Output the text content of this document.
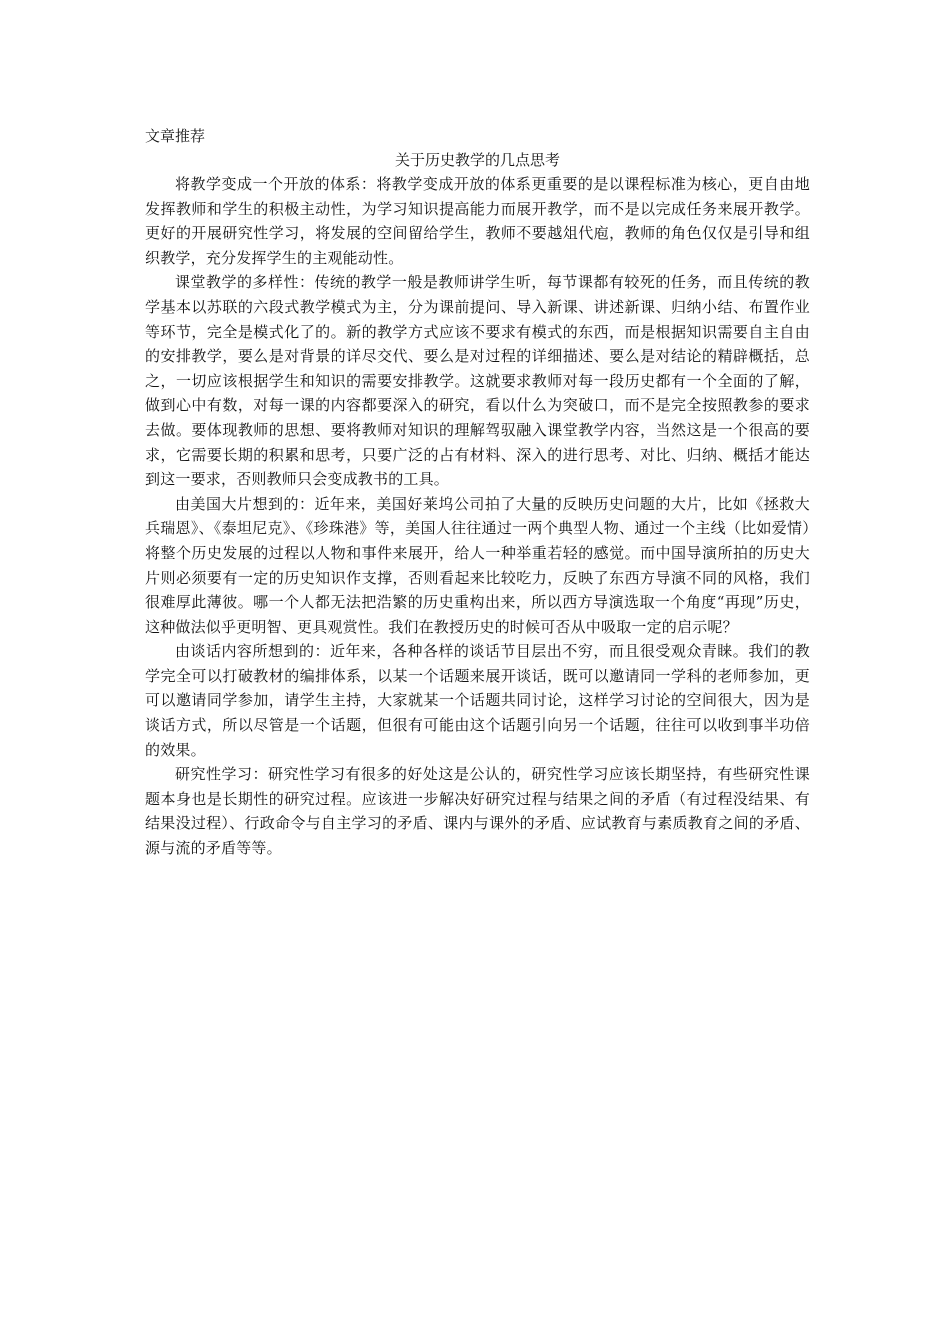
文章推荐

关于历史教学的几点思考

将教学变成一个开放的体系：将教学变成开放的体系更重要的是以课程标准为核心，更自由地发挥教师和学生的积极主动性，为学习知识提高能力而展开教学，而不是以完成任务来展开教学。更好的开展研究性学习，将发展的空间留给学生，教师不要越俎代庖，教师的角色仅仅是引导和组织教学，充分发挥学生的主观能动性。

课堂教学的多样性：传统的教学一般是教师讲学生听，每节课都有较死的任务，而且传统的教学基本以苏联的六段式教学模式为主，分为课前提问、导入新课、讲述新课、归纳小结、布置作业等环节，完全是模式化了的。新的教学方式应该不要求有模式的东西，而是根据知识需要自主自由的安排教学，要么是对背景的详尽交代、要么是对过程的详细描述、要么是对结论的精辟概括，总之，一切应该根据学生和知识的需要安排教学。这就要求教师对每一段历史都有一个全面的了解，做到心中有数，对每一课的内容都要深入的研究，看以什么为突破口，而不是完全按照教参的要求去做。要体现教师的思想、要将教师对知识的理解驾驭融入课堂教学内容，当然这是一个很高的要求，它需要长期的积累和思考，只要广泛的占有材料、深入的进行思考、对比、归纳、概括才能达到这一要求，否则教师只会变成教书的工具。

由美国大片想到的：近年来，美国好莱坞公司拍了大量的反映历史问题的大片，比如《拯救大兵瑞恩》、《泰坦尼克》、《珍珠港》等，美国人往往通过一两个典型人物、通过一个主线（比如爱情）将整个历史发展的过程以人物和事件来展开，给人一种举重若轻的感觉。而中国导演所拍的历史大片则必须要有一定的历史知识作支撑，否则看起来比较吃力，反映了东西方导演不同的风格，我们很难厚此薄彼。哪一个人都无法把浩繁的历史重构出来，所以西方导演选取一个角度“再现”历史，这种做法似乎更明智、更具观赏性。我们在教授历史的时候可否从中吸取一定的启示呢？

由谈话内容所想到的：近年来，各种各样的谈话节目层出不穷，而且很受观众青睐。我们的教学完全可以打破教材的编排体系，以某一个话题来展开谈话，既可以邀请同一学科的老师参加，更可以邀请同学参加，请学生主持，大家就某一个话题共同讨论，这样学习讨论的空间很大，因为是谈话方式，所以尽管是一个话题，但很有可能由这个话题引向另一个话题，往往可以收到事半功倍的效果。

研究性学习：研究性学习有很多的好处这是公认的，研究性学习应该长期坚持，有些研究性课题本身也是长期性的研究过程。应该进一步解决好研究过程与结果之间的矛盾（有过程没结果、有结果没过程）、行政命令与自主学习的矛盾、课内与课外的矛盾、应试教育与素质教育之间的矛盾、源与流的矛盾等等。
